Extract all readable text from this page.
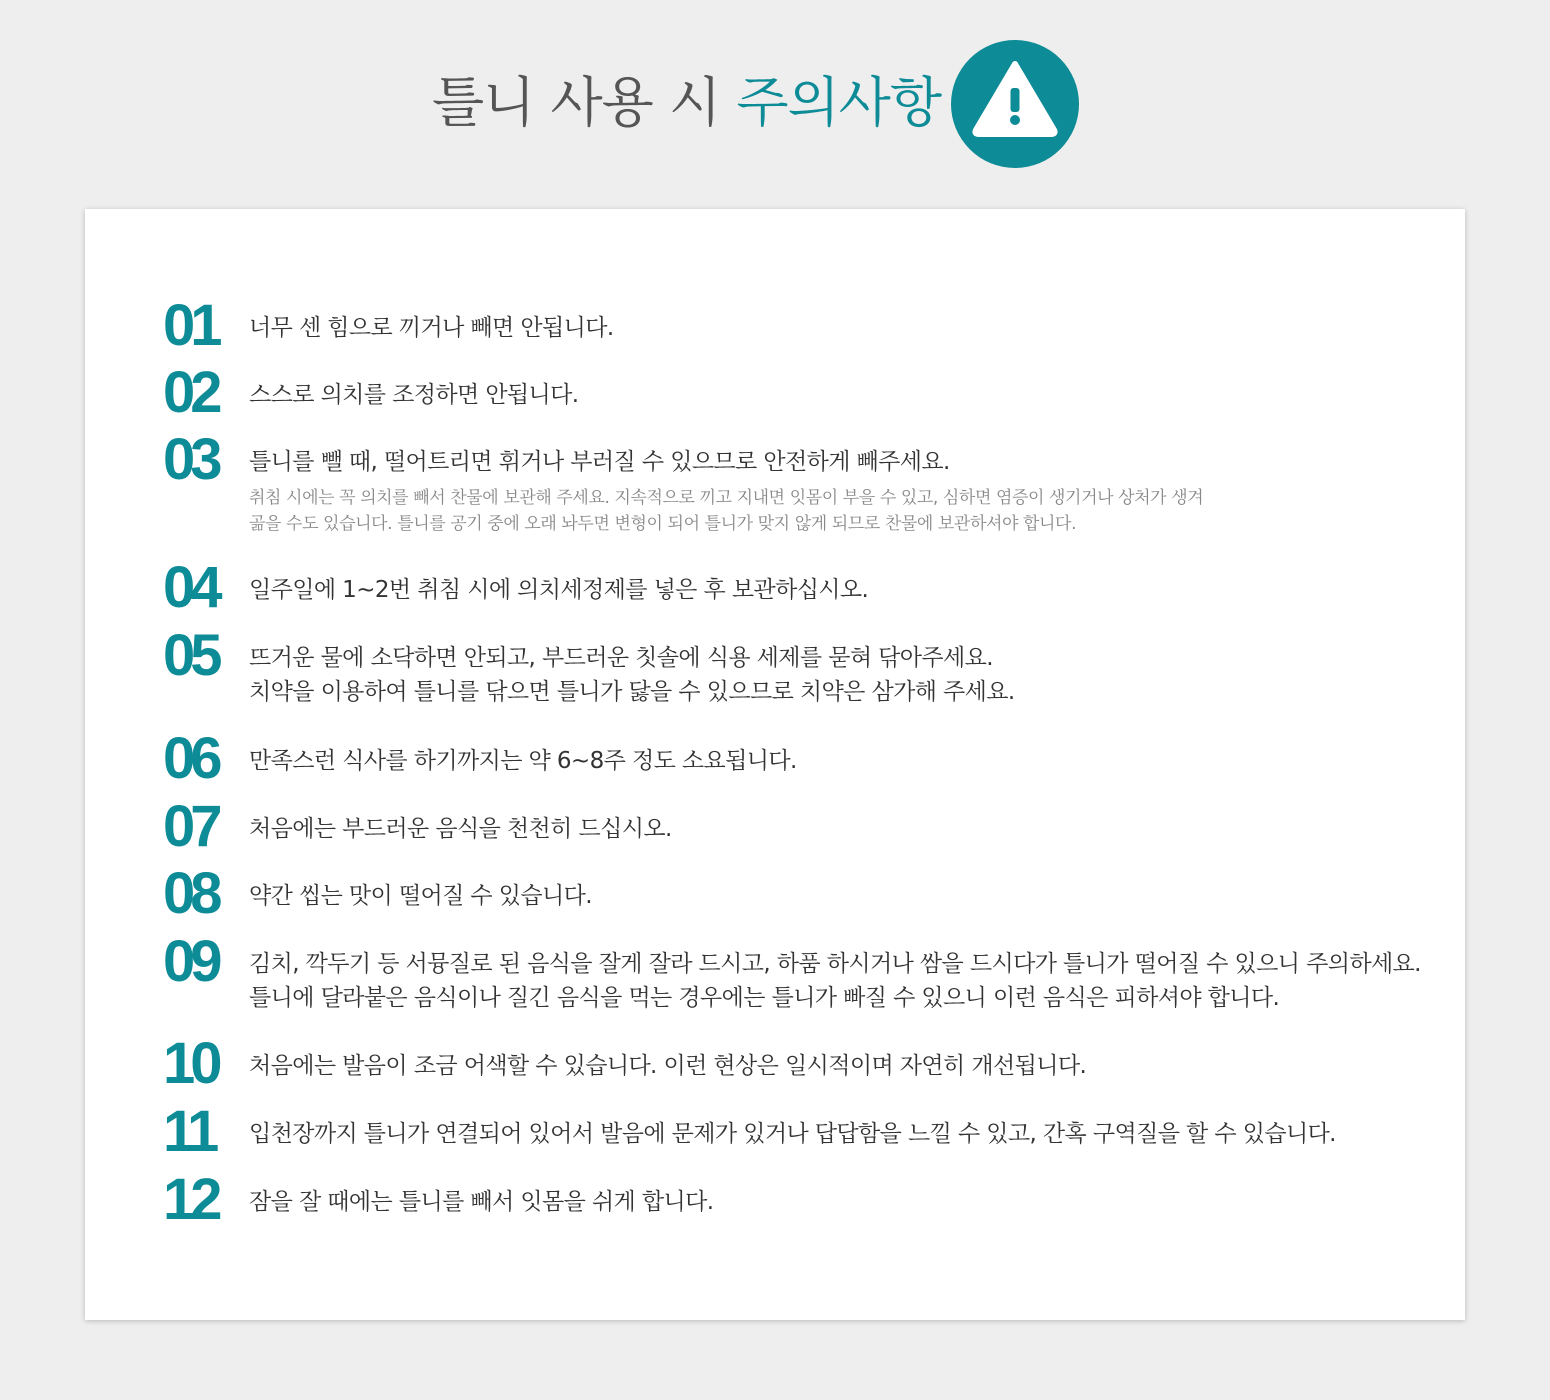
틀니 사용 시 주의사항
01	너무 센 힘으로 끼거나 빼면 안됩니다.
02	스스로 의치를 조정하면 안됩니다.
03	틀니를 뺄 때, 떨어트리면 휘거나 부러질 수 있으므로 안전하게 빼주세요.
취침 시에는 꼭 의치를 빼서 찬물에 보관해 주세요. 지속적으로 끼고 지내면 잇몸이 부을 수 있고, 심하면 염증이 생기거나 상처가 생겨
곪을 수도 있습니다. 틀니를 공기 중에 오래 놔두면 변형이 되어 틀니가 맞지 않게 되므로 찬물에 보관하셔야 합니다.
04	일주일에 1~2번 취침 시에 의치세정제를 넣은 후 보관하십시오.
05	뜨거운 물에 소닥하면 안되고, 부드러운 칫솔에 식용 세제를 묻혀 닦아주세요.
치약을 이용하여 틀니를 닦으면 틀니가 닳을 수 있으므로 치약은 삼가해 주세요.
06	만족스런 식사를 하기까지는 약 6~8주 정도 소요됩니다.
07	처음에는 부드러운 음식을 천천히 드십시오.
08	약간 씹는 맛이 떨어질 수 있습니다.
09	김치, 깍두기 등 서뮹질로 된 음식을 잘게 잘라 드시고, 하품 하시거나 쌈을 드시다가 틀니가 떨어질 수 있으니 주의하세요.
틀니에 달라붙은 음식이나 질긴 음식을 먹는 경우에는 틀니가 빠질 수 있으니 이런 음식은 피하셔야 합니다.
10	처음에는 발음이 조금 어색할 수 있습니다. 이런 현상은 일시적이며 자연히 개선됩니다.
11	입천장까지 틀니가 연결되어 있어서 발음에 문제가 있거나 답답함을 느낄 수 있고, 간혹 구역질을 할 수 있습니다.
12	잠을 잘 때에는 틀니를 빼서 잇몸을 쉬게 합니다.
